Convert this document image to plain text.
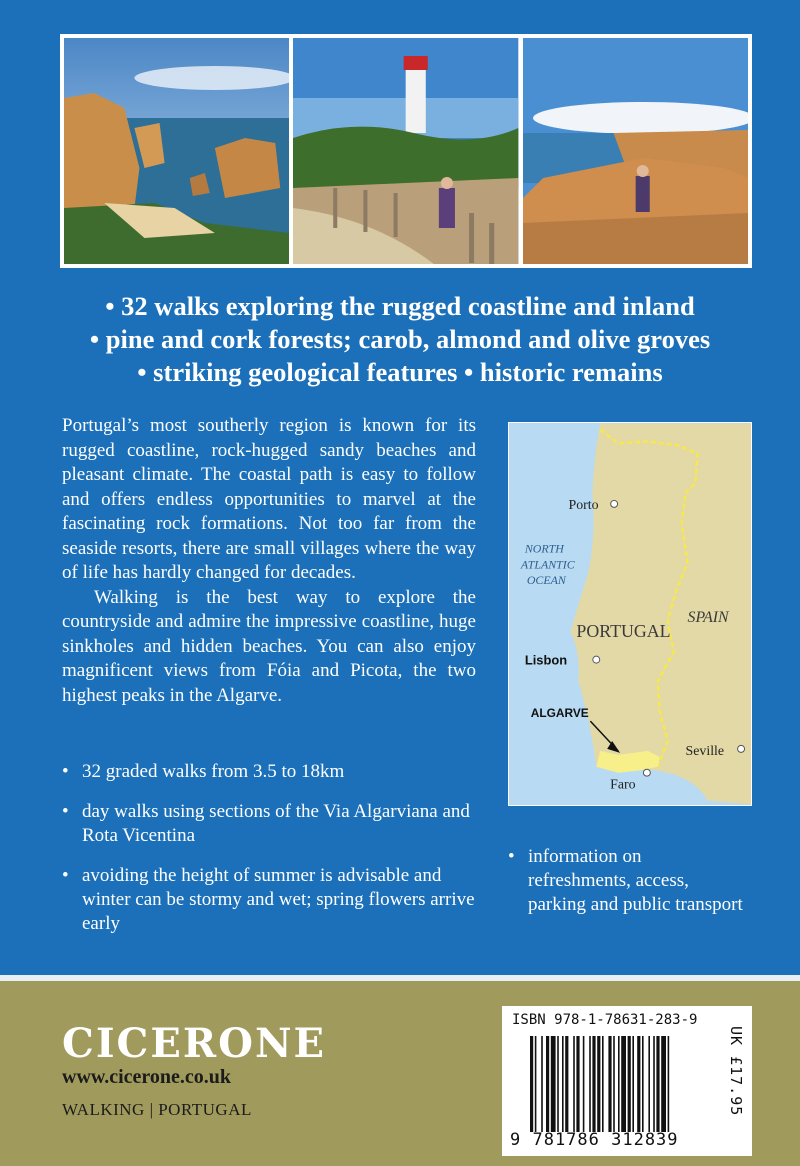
• 32 walks exploring the rugged coastline and inland
• pine and cork forests; carob, almond and olive groves
• striking geological features • historic remains

Portugal’s most southerly region is known for its rugged coastline, rock-hugged sandy beaches and pleasant climate. The coastal path is easy to follow and offers endless opportunities to marvel at the fascinating rock formations. Not too far from the seaside resorts, there are small villages where the way of life has hardly changed for decades.

Walking is the best way to explore the countryside and admire the impressive coastline, huge sinkholes and hidden beaches. You can also enjoy magnificent views from Fóia and Picota, the two highest peaks in the Algarve.

• 32 graded walks from 3.5 to 18km
• day walks using sections of the Via Algarviana and Rota Vicentina
• avoiding the height of summer is advisable and winter can be stormy and wet; spring flowers arrive early
Porto
NORTH
ATLANTIC
OCEAN
SPAIN
PORTUGAL
Lisbon
ALGARVE
Seville
Faro
• information on refreshments, access, parking and public transport
CICERONE
www.cicerone.co.uk
WALKING | PORTUGAL
ISBN 978-1-78631-283-9
9 781786 312839
UK £17.95
